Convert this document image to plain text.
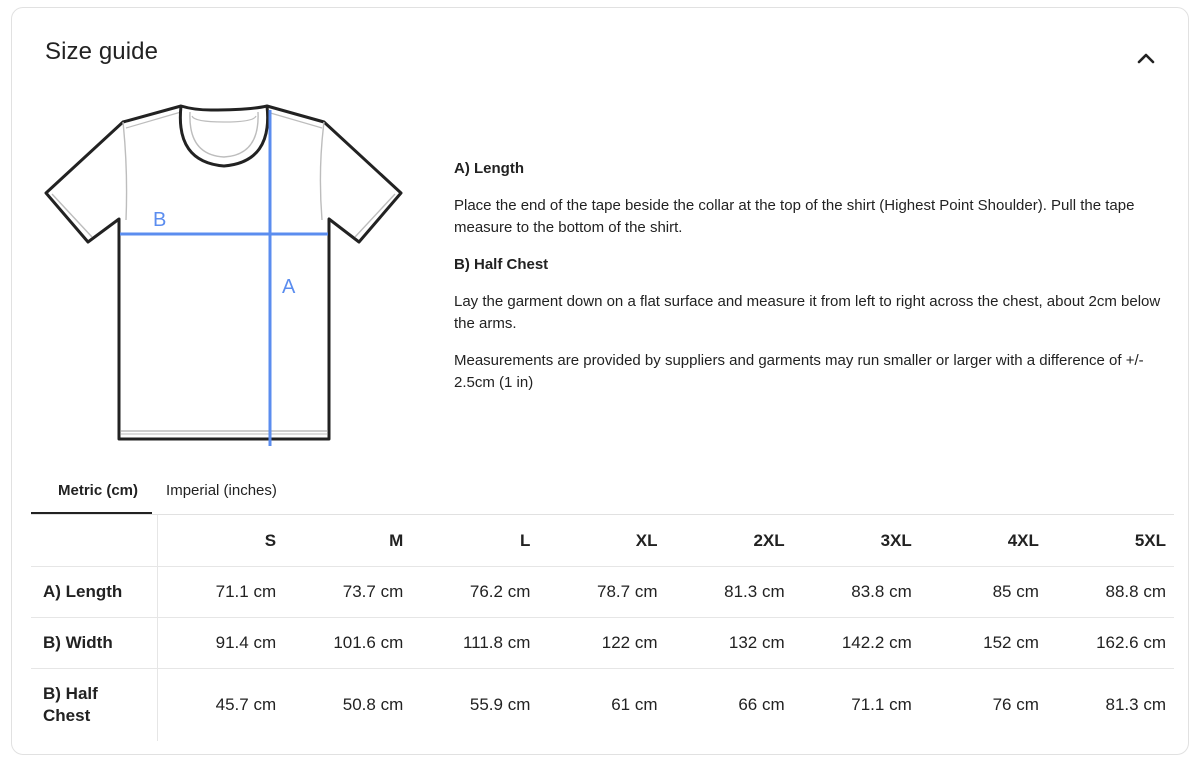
Size guide
A
B
A) Length
Place the end of the tape beside the collar at the top of the shirt (Highest Point Shoulder). Pull the tape measure to the bottom of the shirt.
B) Half Chest
Lay the garment down on a flat surface and measure it from left to right across the chest, about 2cm below the arms.
Measurements are provided by suppliers and garments may run smaller or larger with a difference of +/- 2.5cm (1 in)
Metric (cm)	Imperial (inches)
	S	M	L	XL	2XL	3XL	4XL	5XL
A) Length	71.1 cm	73.7 cm	76.2 cm	78.7 cm	81.3 cm	83.8 cm	85 cm	88.8 cm
B) Width	91.4 cm	101.6 cm	111.8 cm	122 cm	132 cm	142.2 cm	152 cm	162.6 cm
B) Half Chest	45.7 cm	50.8 cm	55.9 cm	61 cm	66 cm	71.1 cm	76 cm	81.3 cm
